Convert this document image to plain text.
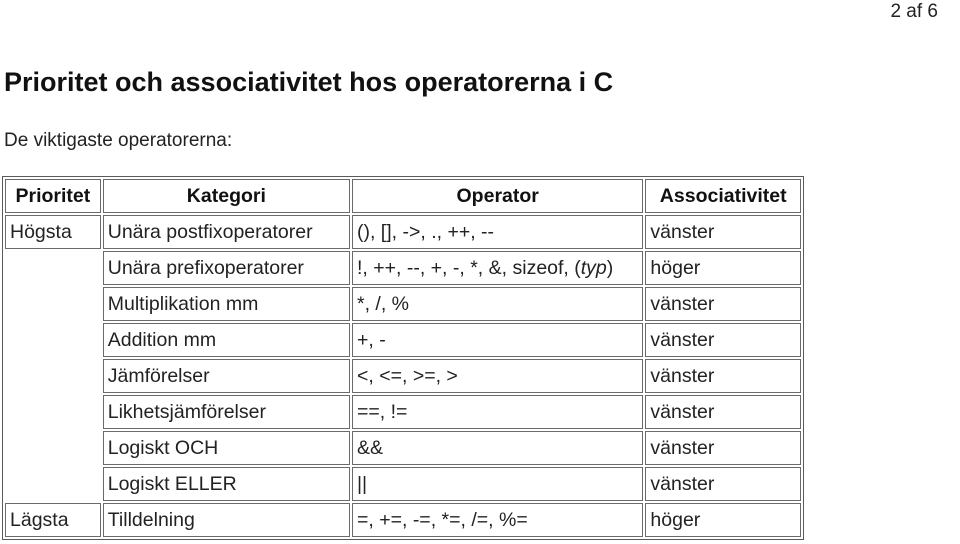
2 af 6
Prioritet och associativitet hos operatorerna i C

De viktigaste operatorerna:

Prioritet	Kategori	Operator	Associativitet
Högsta	Unära postfixoperatorer	(), [], ->, ., ++, --	vänster
	Unära prefixoperatorer	!, ++, --, +, -, *, &, sizeof, (typ)	höger
	Multiplikation mm	*, /, %	vänster
	Addition mm	+, -	vänster
	Jämförelser	<, <=, >=, >	vänster
	Likhetsjämförelser	==, !=	vänster
	Logiskt OCH	&&	vänster
	Logiskt ELLER	||	vänster
Lägsta	Tilldelning	=, +=, -=, *=, /=, %=	höger
